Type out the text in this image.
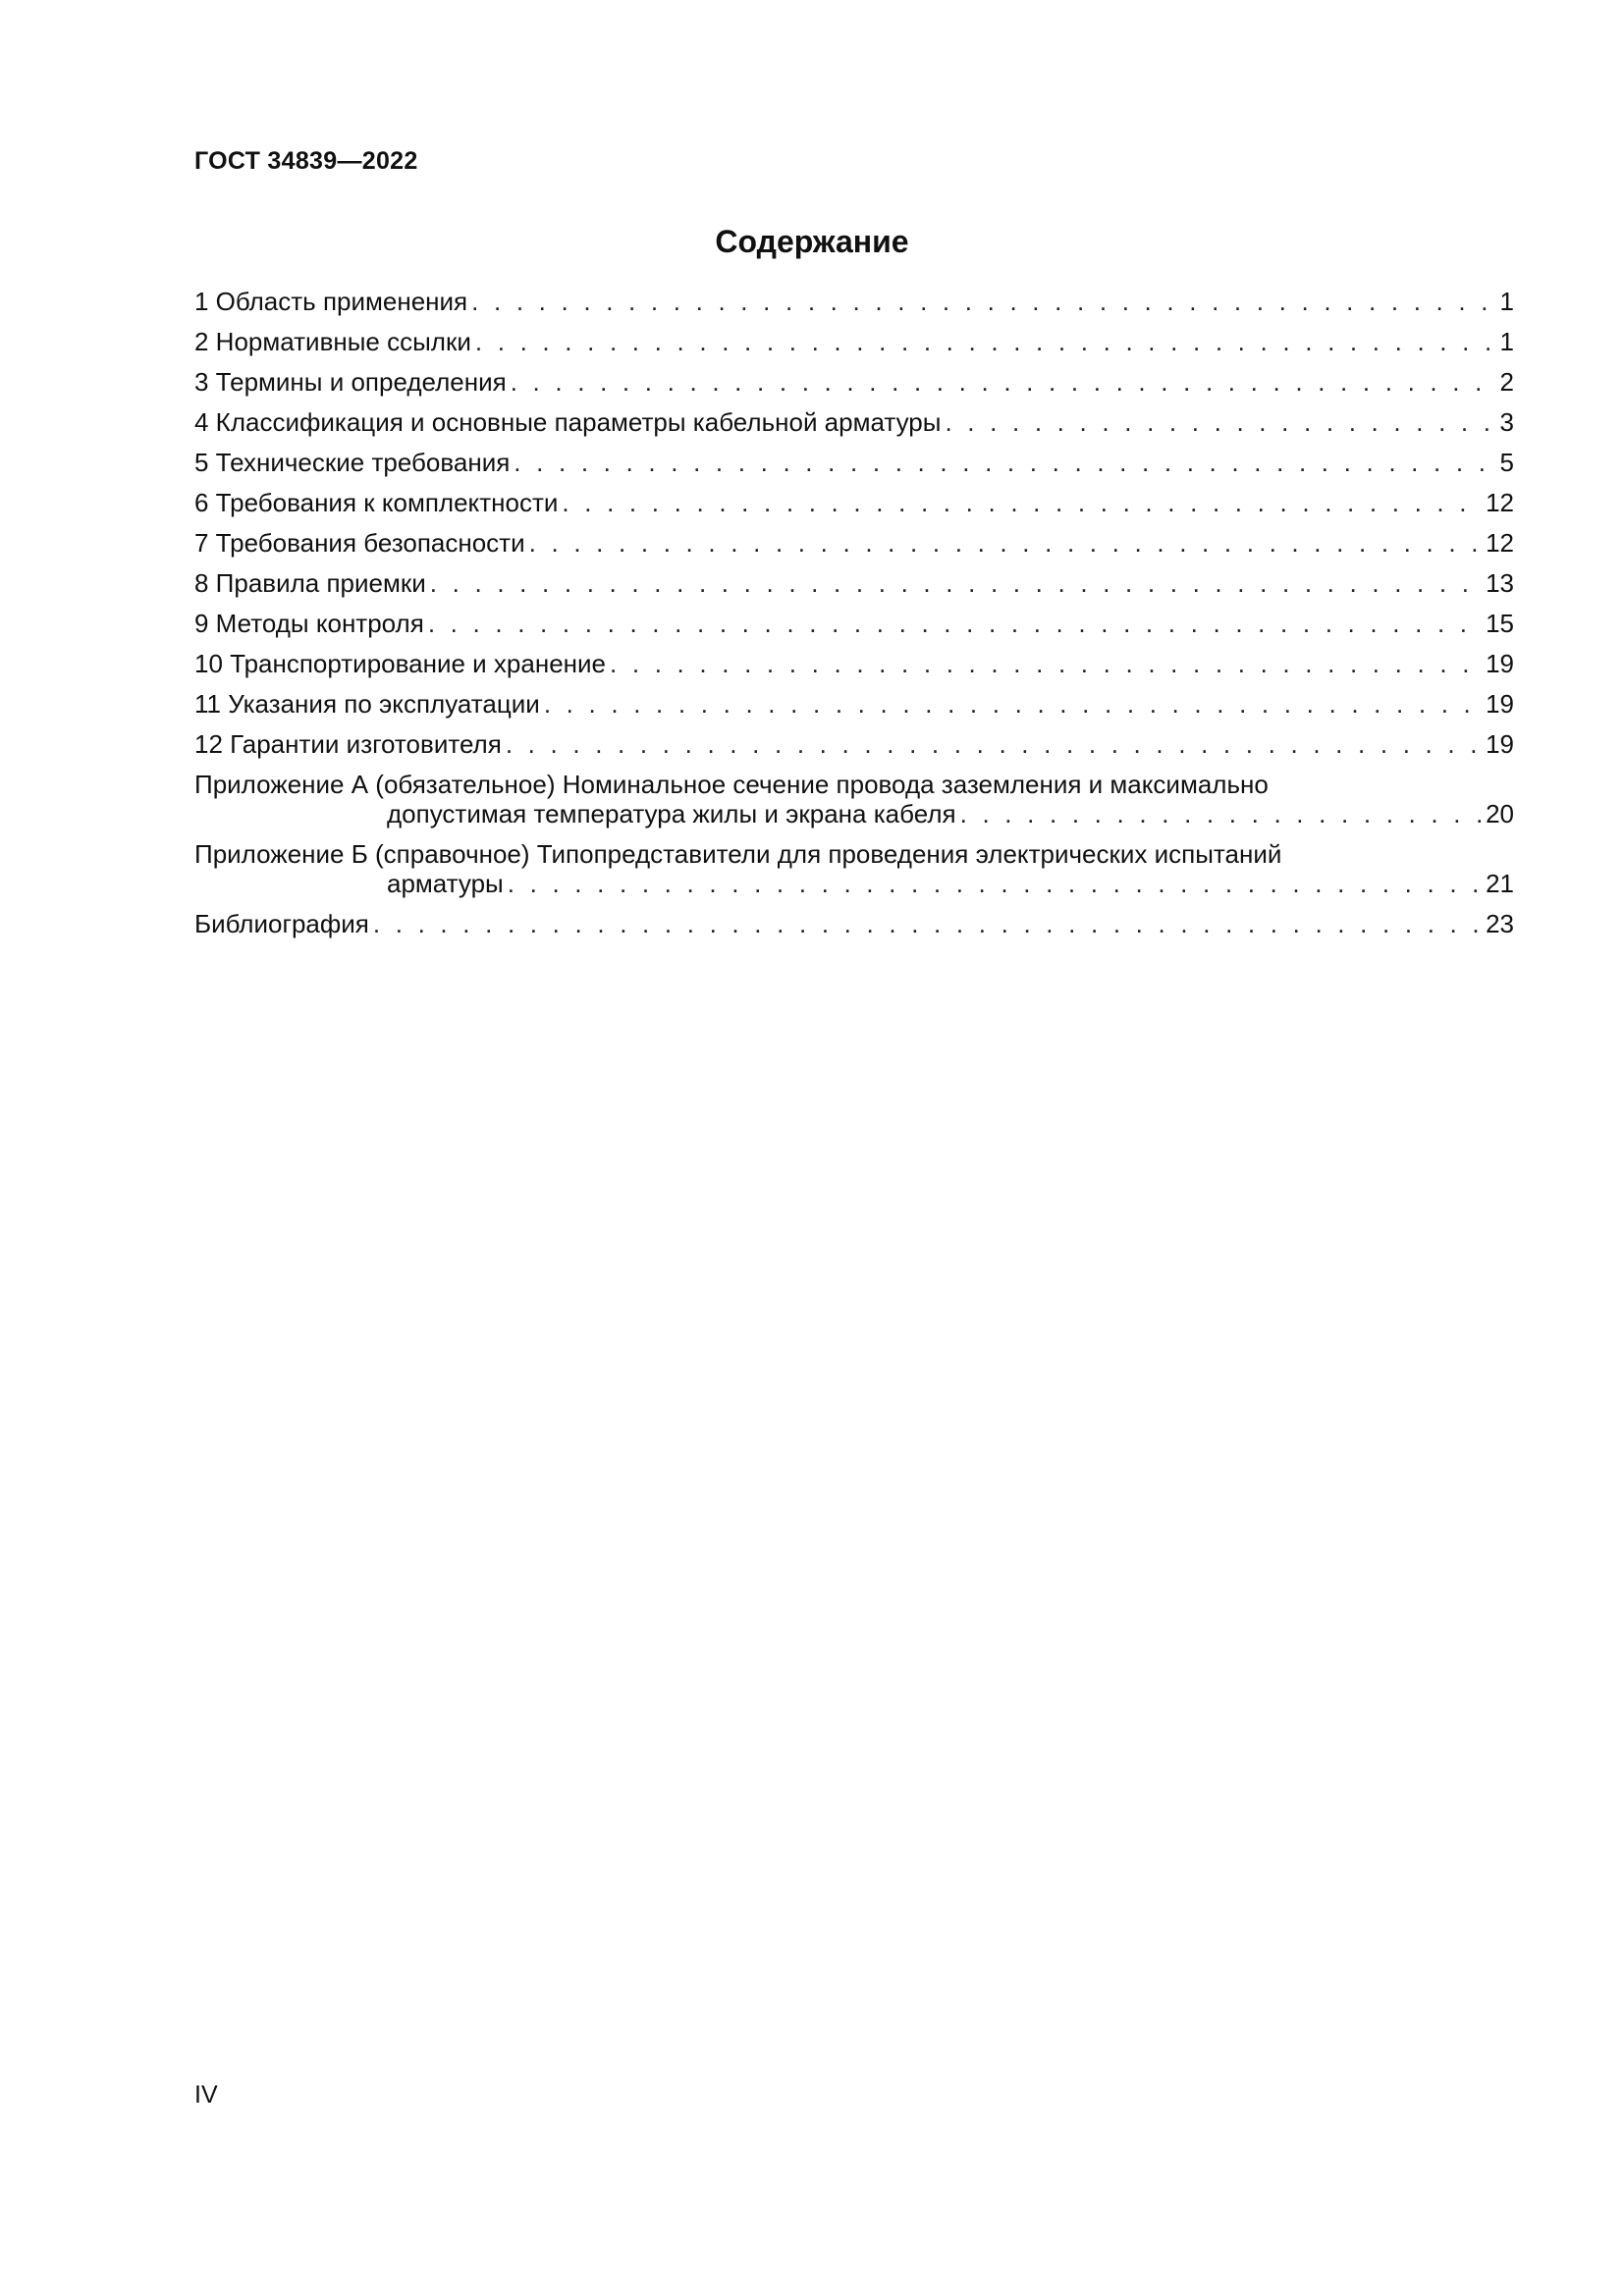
ГОСТ 34839—2022
Содержание
1 Область применения . . .	1
2 Нормативные ссылки . . .	1
3 Термины и определения . . .	2
4 Классификация и основные параметры кабельной арматуры . . .	3
5 Технические требования . . .	5
6 Требования к комплектности . . .	12
7 Требования безопасности . . .	12
8 Правила приемки . . .	13
9 Методы контроля . . .	15
10 Транспортирование и хранение . . .	19
11 Указания по эксплуатации . . .	19
12 Гарантии изготовителя . . .	19
Приложение А (обязательное) Номинальное сечение провода заземления и максимально
допустимая температура жилы и экрана кабеля . . .	20
Приложение Б (справочное) Типопредставители для проведения электрических испытаний
арматуры . . .	21
Библиография . . .	23
IV
